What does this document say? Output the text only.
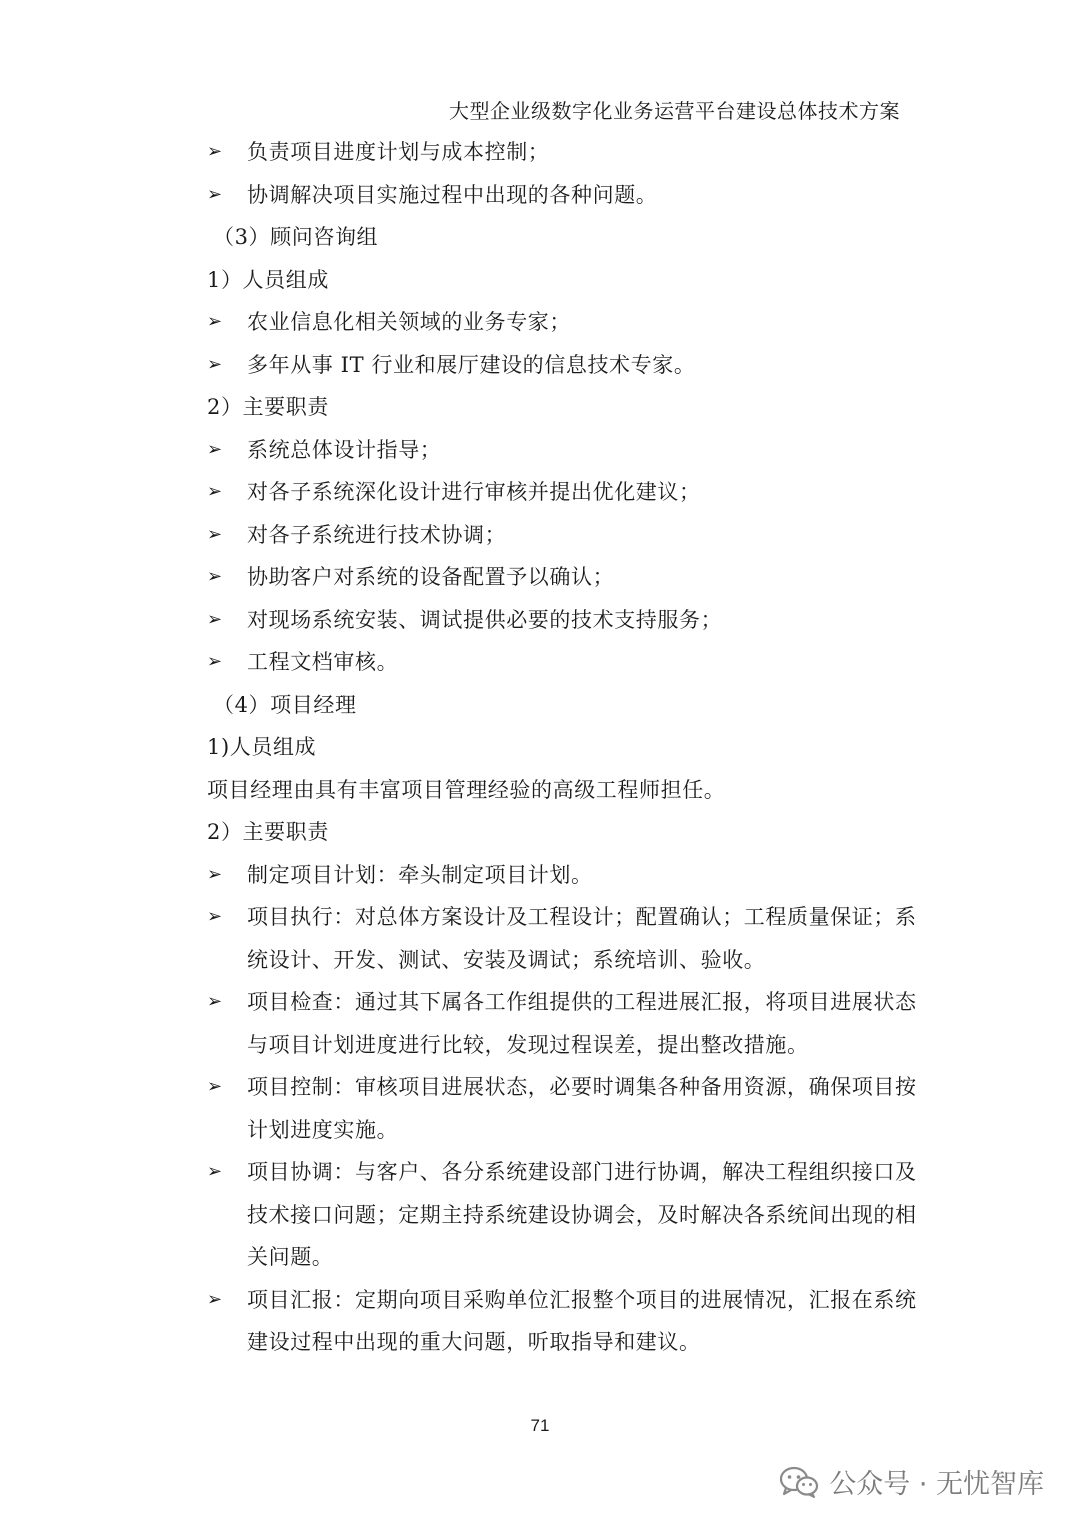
大型企业级数字化业务运营平台建设总体技术方案
➢	负责项目进度计划与成本控制；
➢	协调解决项目实施过程中出现的各种问题。
（3）顾问咨询组
1）人员组成
➢	农业信息化相关领域的业务专家；
➢	多年从事 IT 行业和展厅建设的信息技术专家。
2）主要职责
➢	系统总体设计指导；
➢	对各子系统深化设计进行审核并提出优化建议；
➢	对各子系统进行技术协调；
➢	协助客户对系统的设备配置予以确认；
➢	对现场系统安装、调试提供必要的技术支持服务；
➢	工程文档审核。
（4）项目经理
1)人员组成
项目经理由具有丰富项目管理经验的高级工程师担任。
2）主要职责
➢	制定项目计划：牵头制定项目计划。
➢	项目执行：对总体方案设计及工程设计；配置确认；工程质量保证；系统设计、开发、测试、安装及调试；系统培训、验收。
➢	项目检查：通过其下属各工作组提供的工程进展汇报，将项目进展状态与项目计划进度进行比较，发现过程误差，提出整改措施。
➢	项目控制：审核项目进展状态，必要时调集各种备用资源，确保项目按计划进度实施。
➢	项目协调：与客户、各分系统建设部门进行协调，解决工程组织接口及技术接口问题；定期主持系统建设协调会，及时解决各系统间出现的相关问题。
➢	项目汇报：定期向项目采购单位汇报整个项目的进展情况，汇报在系统建设过程中出现的重大问题，听取指导和建议。
71
公众号 · 无忧智库
